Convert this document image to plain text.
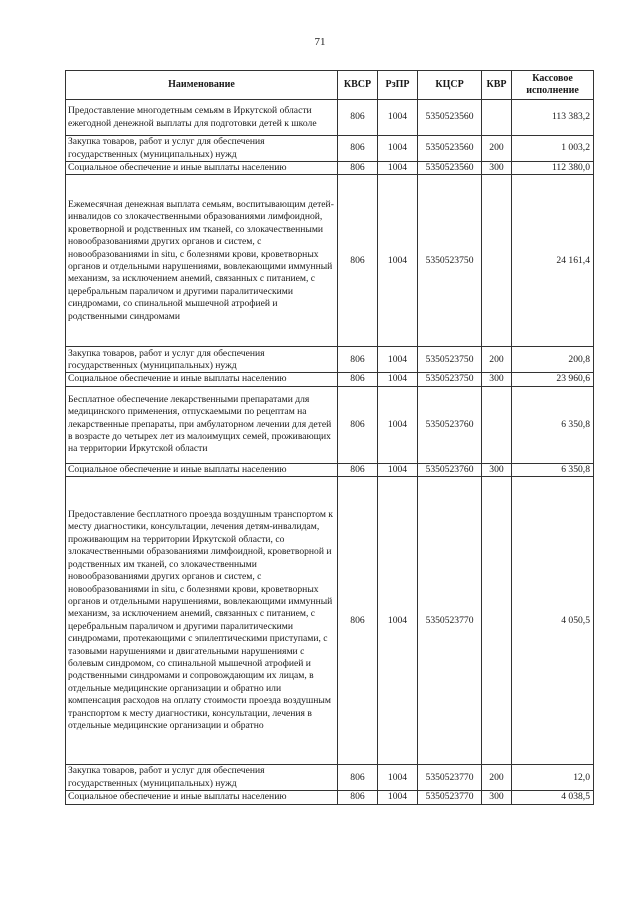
71
Наименование	КВСР	РзПР	КЦСР	КВР	Кассовое исполнение
Предоставление многодетным семьям в Иркутской области ежегодной денежной выплаты для подготовки детей к школе	806	1004	5350523560		113 383,2
Закупка товаров, работ и услуг для обеспечения государственных (муниципальных) нужд	806	1004	5350523560	200	1 003,2
Социальное обеспечение и иные выплаты населению	806	1004	5350523560	300	112 380,0
Ежемесячная денежная выплата семьям, воспитывающим детей-инвалидов со злокачественными образованиями лимфоидной, кроветворной и родственных им тканей, со злокачественными новообразованиями других органов и систем, с новообразованиями in situ, с болезнями крови, кроветворных органов и отдельными нарушениями, вовлекающими иммунный механизм, за исключением анемий, связанных с питанием, с церебральным параличом и другими паралитическими синдромами, со спинальной мышечной атрофией и родственными синдромами	806	1004	5350523750		24 161,4
Закупка товаров, работ и услуг для обеспечения государственных (муниципальных) нужд	806	1004	5350523750	200	200,8
Социальное обеспечение и иные выплаты населению	806	1004	5350523750	300	23 960,6
Бесплатное обеспечение лекарственными препаратами для медицинского применения, отпускаемыми по рецептам на лекарственные препараты, при амбулаторном лечении для детей в возрасте до четырех лет из малоимущих семей, проживающих на территории Иркутской области	806	1004	5350523760		6 350,8
Социальное обеспечение и иные выплаты населению	806	1004	5350523760	300	6 350,8
Предоставление бесплатного проезда воздушным транспортом к месту диагностики, консультации, лечения детям-инвалидам, проживающим на территории Иркутской области, со злокачественными образованиями лимфоидной, кроветворной и родственных им тканей, со злокачественными новообразованиями других органов и систем, с новообразованиями in situ, с болезнями крови, кроветворных органов и отдельными нарушениями, вовлекающими иммунный механизм, за исключением анемий, связанных с питанием, с церебральным параличом и другими паралитическими синдромами, протекающими с эпилептическими приступами, с тазовыми нарушениями и двигательными нарушениями с болевым синдромом, со спинальной мышечной атрофией и родственными синдромами и сопровождающим их лицам, в отдельные медицинские организации и обратно или компенсация расходов на оплату стоимости проезда воздушным транспортом к месту диагностики, консультации, лечения в отдельные медицинские организации и обратно	806	1004	5350523770		4 050,5
Закупка товаров, работ и услуг для обеспечения государственных (муниципальных) нужд	806	1004	5350523770	200	12,0
Социальное обеспечение и иные выплаты населению	806	1004	5350523770	300	4 038,5
